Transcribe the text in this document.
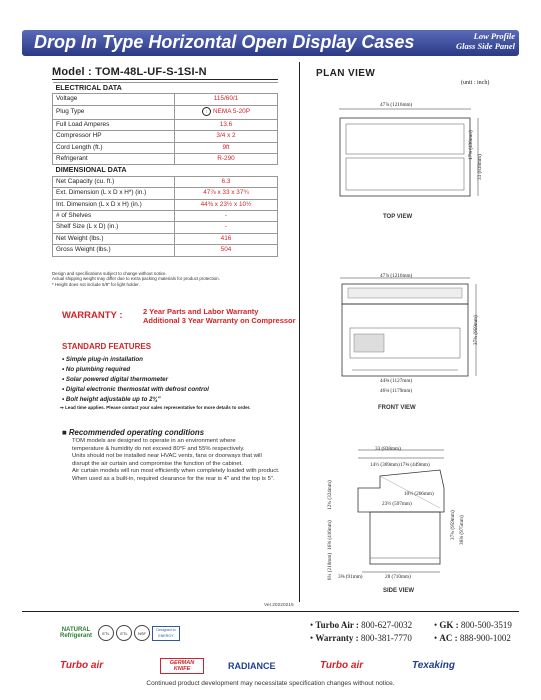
Drop In Type Horizontal Open Display Cases	Low Profile
Glass Side Panel
Model : TOM-48L-UF-S-1SI-N
ELECTRICAL DATA	
Voltage	115/60/1
Plug Type	⁝ NEMA 5-20P
Full Load Amperes	13.6
Compressor HP	3/4 x 2
Cord Length (ft.)	9ft
Refrigerant	R-290
DIMENSIONAL DATA	
Net Capacity (cu. ft.)	6.3
Ext. Dimension (L x D x H*) (in.)	47⅞ x 33 x 37¾
Int. Dimension (L x D x H) (in.)	44⅜ x 23½ x 10½
# of Shelves	-
Shelf Size (L x D) (in.)	-
Net Weight (lbs.)	416
Gross Weight (lbs.)	504
Design and specifications subject to change without notice.
Actual shipping weight may differ due to extra packing materials for product protection.
* Height does not include 5/8" for light holder.
WARRANTY :	2 Year Parts and Labor Warranty
Additional 3 Year Warranty on Compressor
STANDARD FEATURES
• Simple plug-in installation
• No plumbing required
• Solar powered digital thermometer
• Digital electronic thermostat with defrost control
• Bolt height adjustable up to 2¾"
⇒ Lead time applies. Please contact your sales representative for more details to order.
■ Recommended operating conditions
TOM models are designed to operate in an environment where
temperature & humidity do not exceed 80°F and 55% respectively.
Units should not be installed near HVAC vents, fans or doorways that will
disrupt the air curtain and compromise the function of the cabinet.
Air curtain models will run most efficiently when completely loaded with product.
When used as a built-in, required clearance for the rear is 4" and the top is 5".
PLAN VIEW
(unit : inch)
47⅞ (1216mm)
17⅛ (436mm)
33 (838mm)
TOP VIEW
47⅞ (1216mm)
37¾ (959mm)
44⅜ (1127mm)
46⅛ (1179mm)
FRONT VIEW
33 (838mm)
14½ (369mm) 17⅝ (449mm)
10½ (266mm)
23½ (597mm)
12¾ (324mm)
16⅜ (416mm)
8¼ (210mm)
37¾ (959mm) 38⅜ (975mm)
3⅝ (91mm)	28 (710mm)
SIDE VIEW
Ver.20220215
NATURAL
Refrigerant	ETL	ETL	NSF
Designed to ENERGY
• Turbo Air : 800-627-0032 • GK : 800-500-3519
• Warranty : 800-381-7770 • AC : 888-900-1002
Turbo air	GERMAN KNIFE	RADIANCE	Turbo air	Texaking
Continued product development may necessitate specification changes without notice.
